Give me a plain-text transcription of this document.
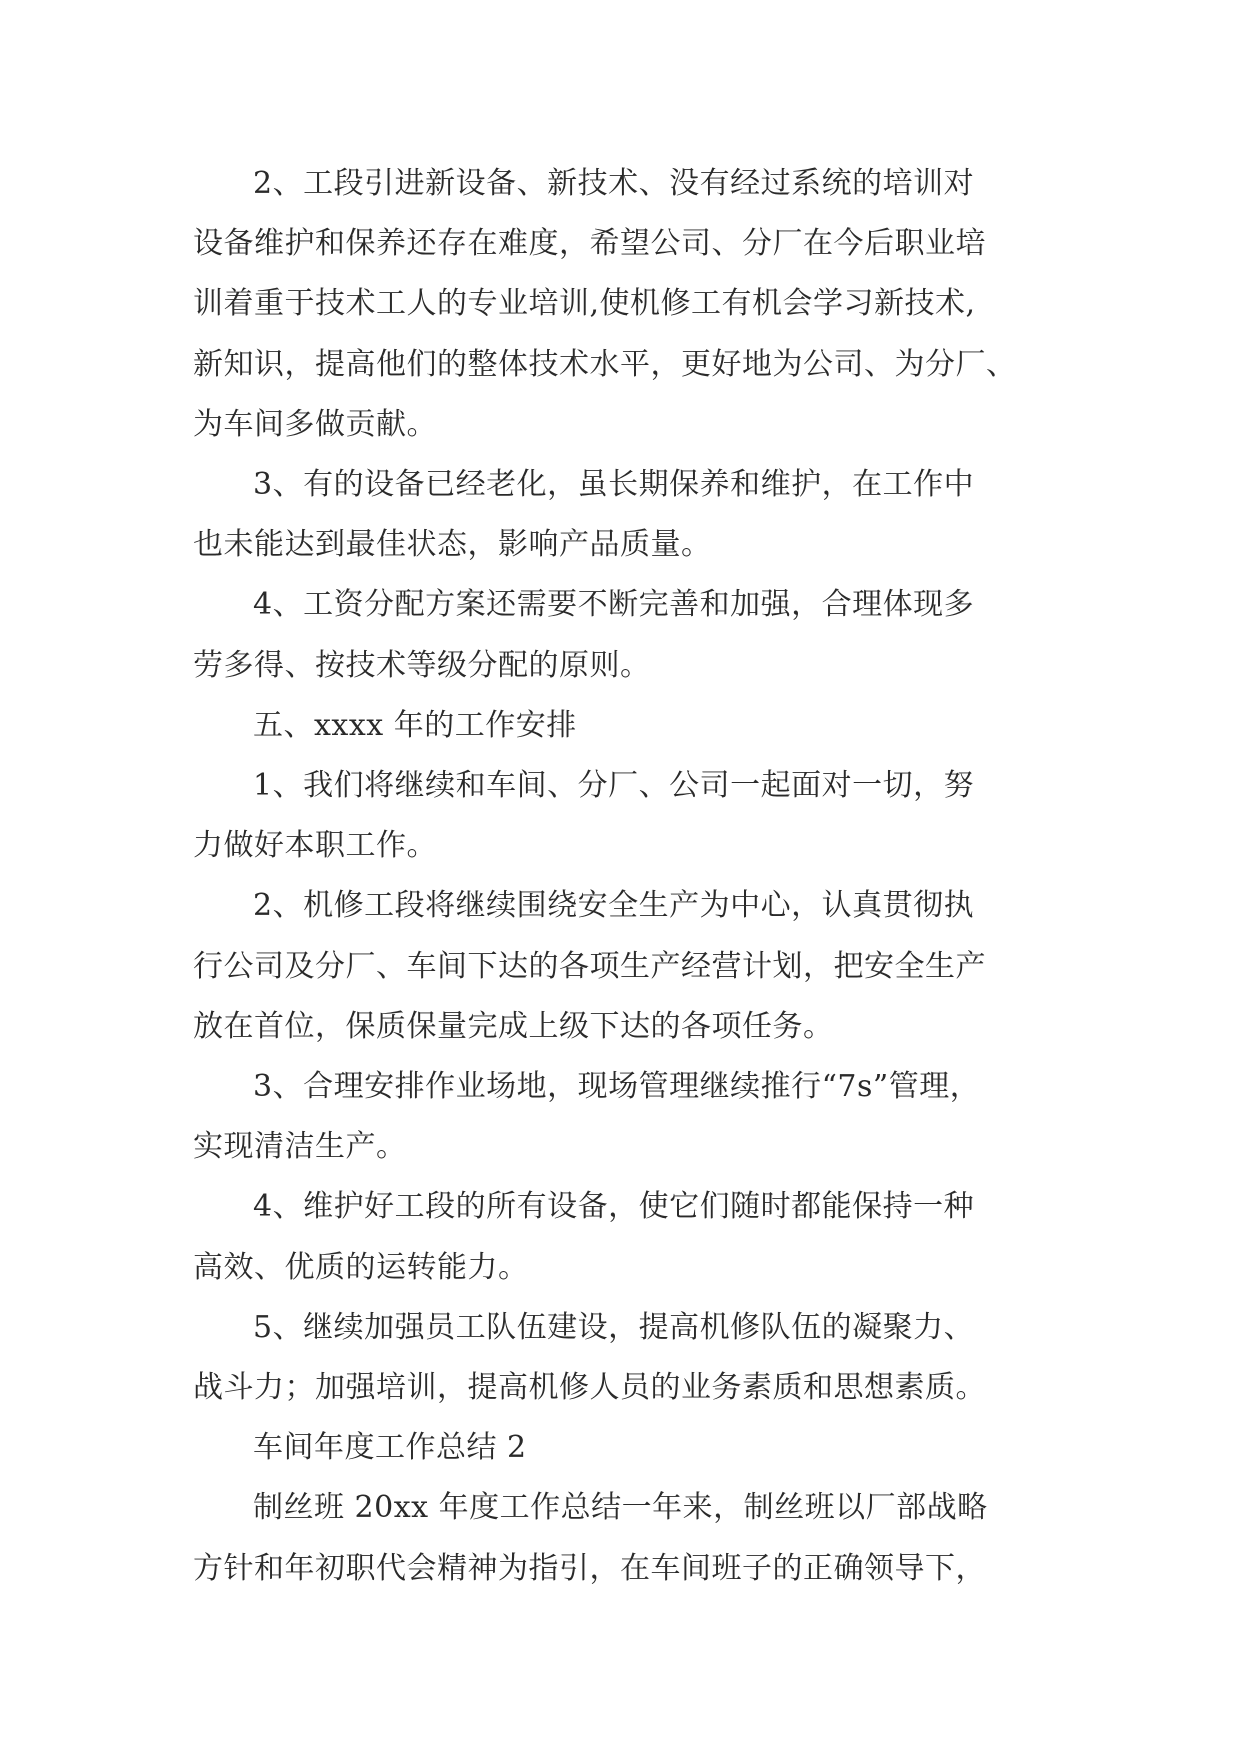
2、工段引进新设备、新技术、没有经过系统的培训对
设备维护和保养还存在难度，希望公司、分厂在今后职业培
训着重于技术工人的专业培训,使机修工有机会学习新技术,
新知识，提高他们的整体技术水平，更好地为公司、为分厂、
为车间多做贡献。

3、有的设备已经老化，虽长期保养和维护，在工作中
也未能达到最佳状态，影响产品质量。

4、工资分配方案还需要不断完善和加强，合理体现多
劳多得、按技术等级分配的原则。

五、xxxx 年的工作安排

1、我们将继续和车间、分厂、公司一起面对一切，努
力做好本职工作。

2、机修工段将继续围绕安全生产为中心，认真贯彻执
行公司及分厂、车间下达的各项生产经营计划，把安全生产
放在首位，保质保量完成上级下达的各项任务。

3、合理安排作业场地，现场管理继续推行“7s”管理，
实现清洁生产。

4、维护好工段的所有设备，使它们随时都能保持一种
高效、优质的运转能力。

5、继续加强员工队伍建设，提高机修队伍的凝聚力、
战斗力；加强培训，提高机修人员的业务素质和思想素质。

车间年度工作总结 2

制丝班 20xx 年度工作总结一年来，制丝班以厂部战略
方针和年初职代会精神为指引，在车间班子的正确领导下，
